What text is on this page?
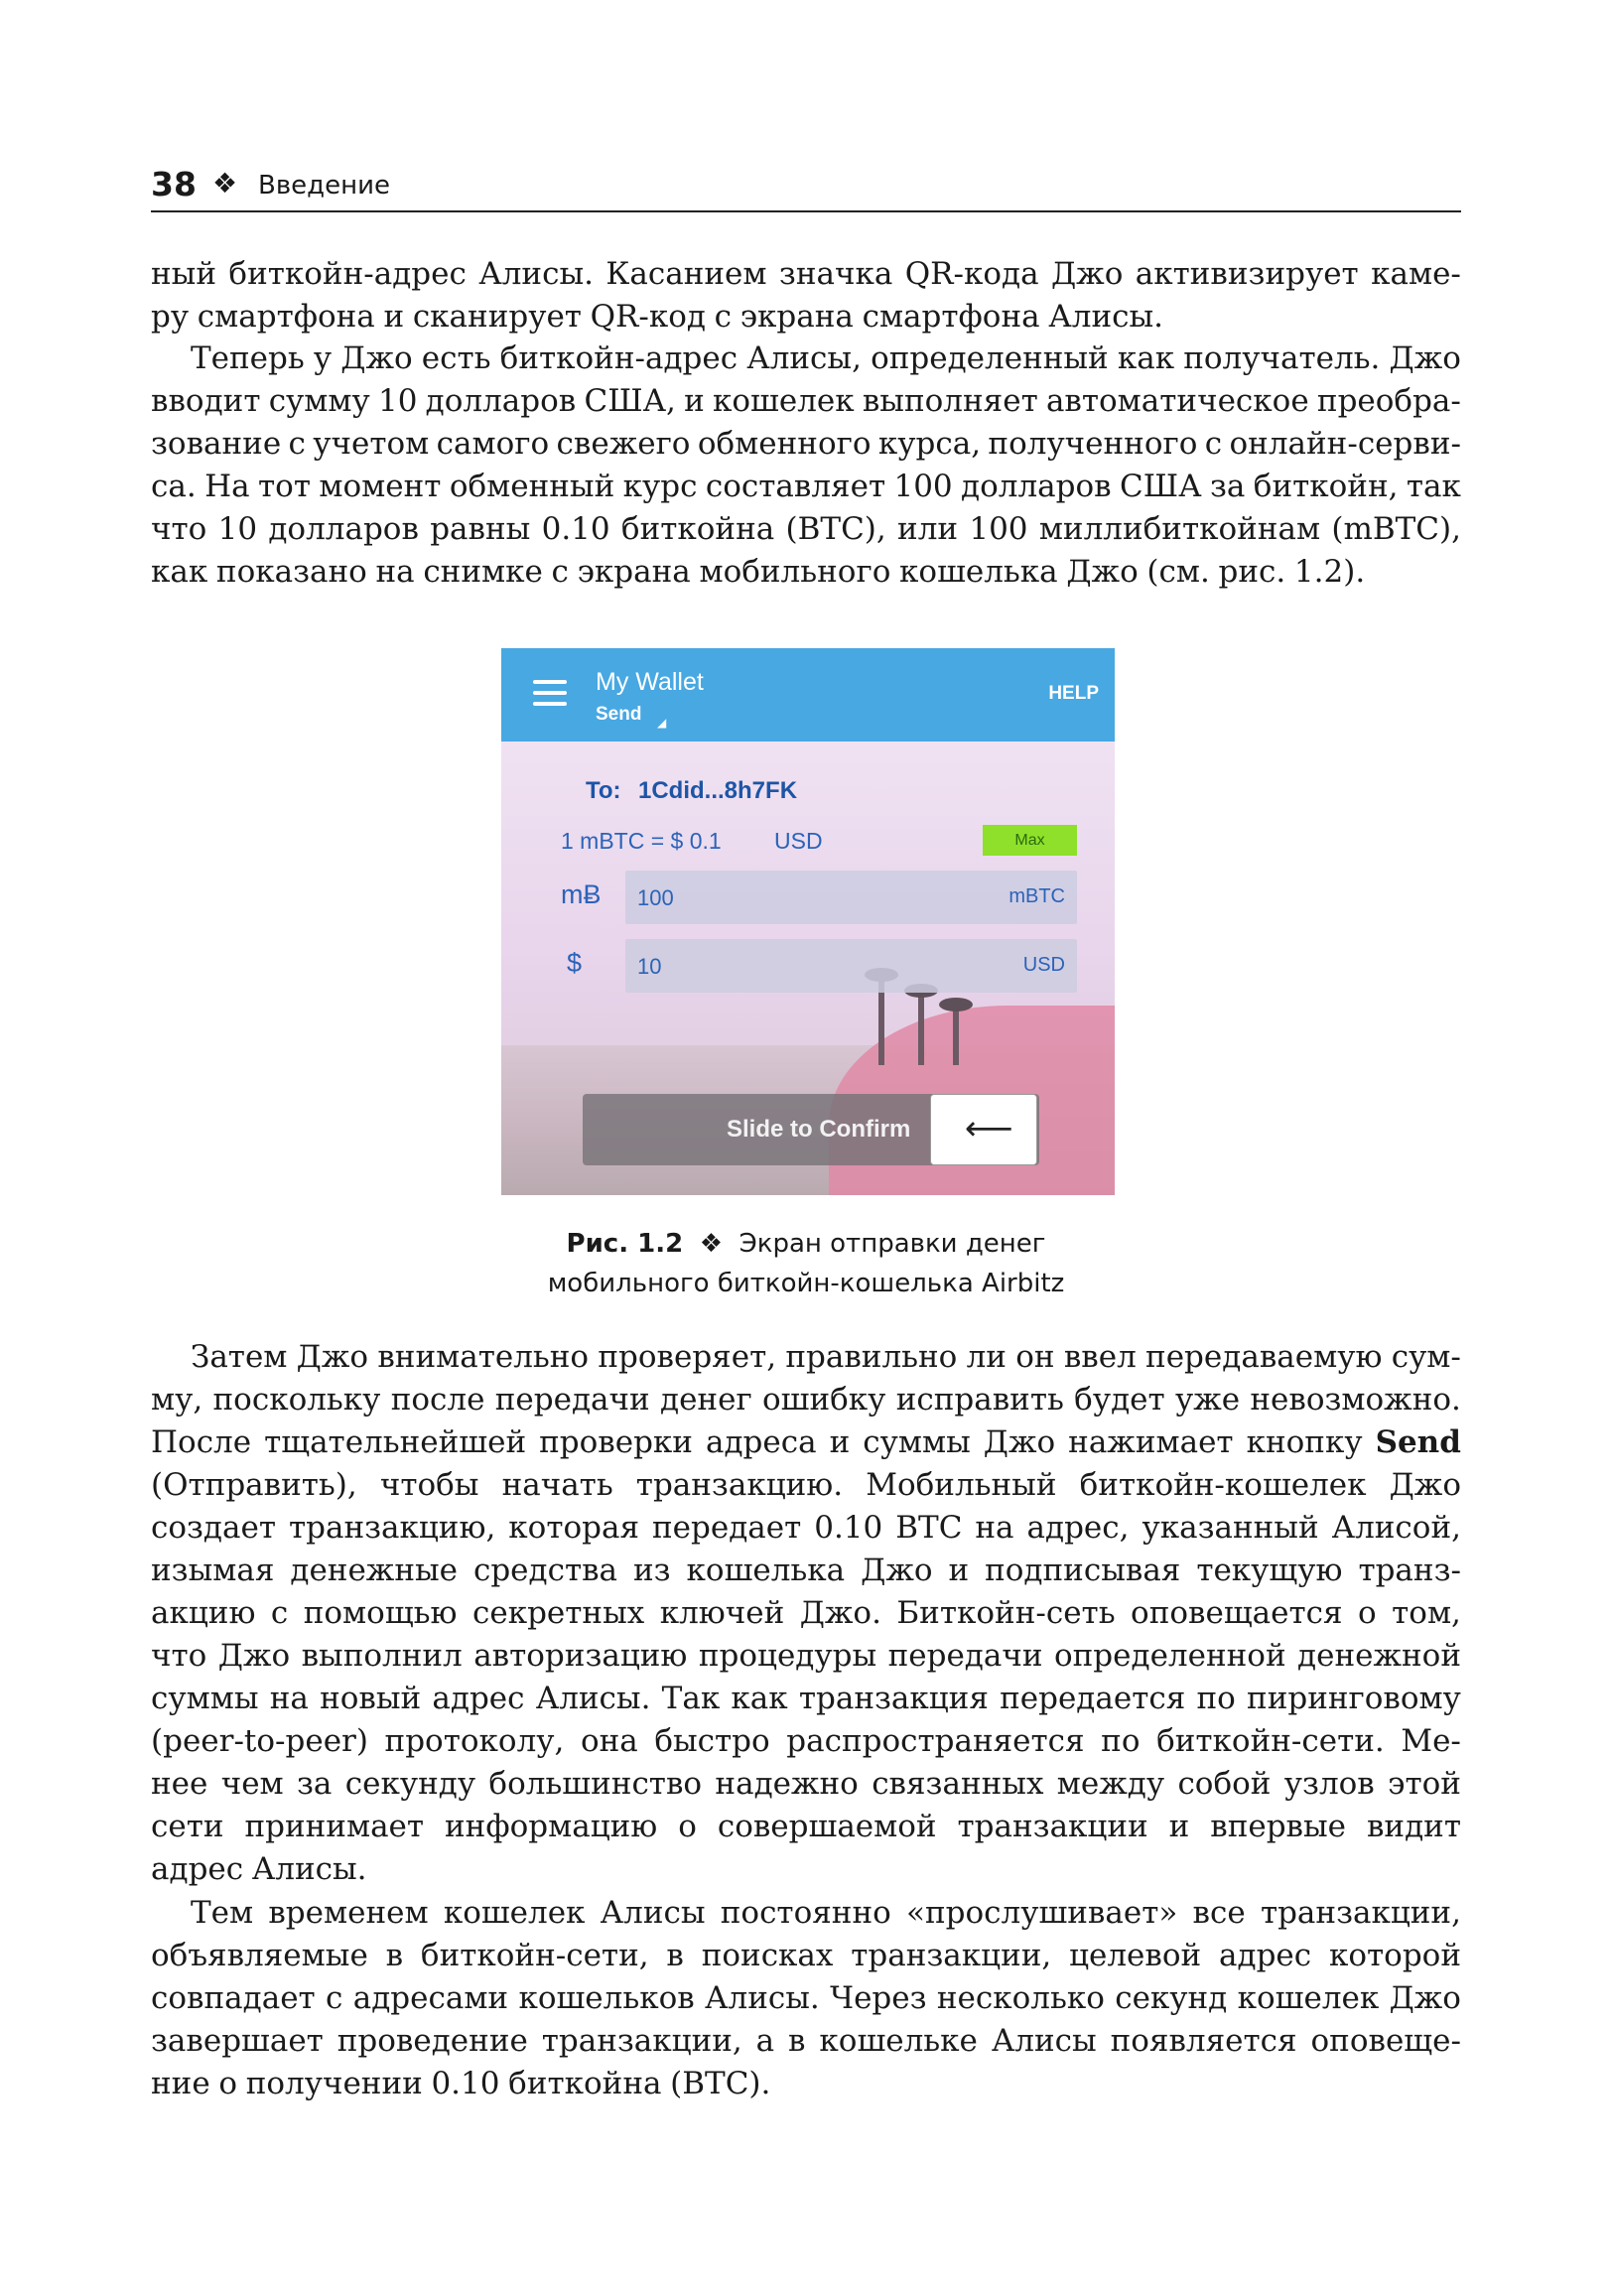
38 ❖ Введение
ный биткойн-адрес Алисы. Касанием значка QR-кода Джо активизирует каме-
ру смартфона и сканирует QR-код с экрана смартфона Алисы.
Теперь у Джо есть биткойн-адрес Алисы, определенный как получатель. Джо
вводит сумму 10 долларов США, и кошелек выполняет автоматическое преобра-
зование с учетом самого свежего обменного курса, полученного с онлайн-серви-
са. На тот момент обменный курс составляет 100 долларов США за биткойн, так
что 10 долларов равны 0.10 биткойна (BTC), или 100 миллибиткойнам (mBTC),
как показано на снимке с экрана мобильного кошелька Джо (см. рис. 1.2).
My Wallet
Send ◢
HELP
To: 1Cdid...8h7FK
1 mBTC = $ 0.1 USD	Max
mɃ 100	mBTC
$	10	USD
Slide to Confirm ⟵
Рис. 1.2 ❖ Экран отправки денег
мобильного биткойн-кошелька Airbitz
Затем Джо внимательно проверяет, правильно ли он ввел передаваемую сум-
му, поскольку после передачи денег ошибку исправить будет уже невозможно.
После тщательнейшей проверки адреса и суммы Джо нажимает кнопку Send
(Отправить), чтобы начать транзакцию. Мобильный биткойн-кошелек Джо
создает транзакцию, которая передает 0.10 BTC на адрес, указанный Алисой,
изымая денежные средства из кошелька Джо и подписывая текущую транз-
акцию с помощью секретных ключей Джо. Биткойн-сеть оповещается о том,
что Джо выполнил авторизацию процедуры передачи определенной денежной
суммы на новый адрес Алисы. Так как транзакция передается по пиринговому
(peer-to-peer) протоколу, она быстро распространяется по биткойн-сети. Ме-
нее чем за секунду большинство надежно связанных между собой узлов этой
сети принимает информацию о совершаемой транзакции и впервые видит
адрес Алисы.
Тем временем кошелек Алисы постоянно «прослушивает» все транзакции,
объявляемые в биткойн-сети, в поисках транзакции, целевой адрес которой
совпадает с адресами кошельков Алисы. Через несколько секунд кошелек Джо
завершает проведение транзакции, а в кошельке Алисы появляется оповеще-
ние о получении 0.10 биткойна (BTC).
